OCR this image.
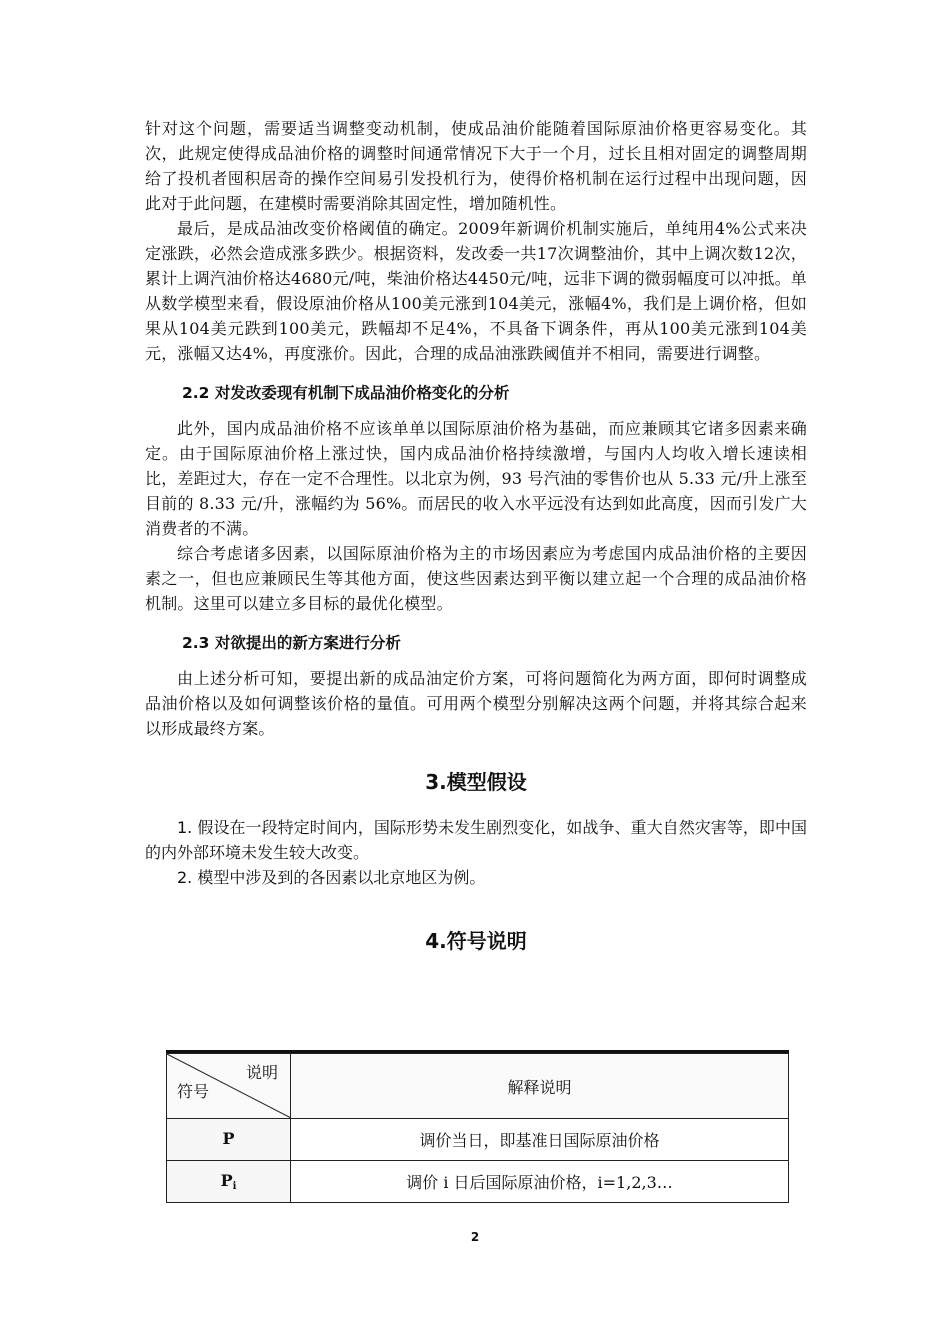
针对这个问题，需要适当调整变动机制，使成品油价能随着国际原油价格更容易变化。其次，此规定使得成品油价格的调整时间通常情况下大于一个月，过长且相对固定的调整周期给了投机者囤积居奇的操作空间易引发投机行为，使得价格机制在运行过程中出现问题，因此对于此问题，在建模时需要消除其固定性，增加随机性。

最后，是成品油改变价格阈值的确定。2009年新调价机制实施后，单纯用4%公式来决定涨跌，必然会造成涨多跌少。根据资料，发改委一共17次调整油价，其中上调次数12次，累计上调汽油价格达4680元/吨，柴油价格达4450元/吨，远非下调的微弱幅度可以冲抵。单从数学模型来看，假设原油价格从100美元涨到104美元，涨幅4%，我们是上调价格，但如果从104美元跌到100美元，跌幅却不足4%，不具备下调条件，再从100美元涨到104美元，涨幅又达4%，再度涨价。因此，合理的成品油涨跌阈值并不相同，需要进行调整。

2.2 对发改委现有机制下成品油价格变化的分析

此外，国内成品油价格不应该单单以国际原油价格为基础，而应兼顾其它诸多因素来确定。由于国际原油价格上涨过快，国内成品油价格持续激增，与国内人均收入增长速读相比，差距过大，存在一定不合理性。以北京为例，93 号汽油的零售价也从 5.33 元/升上涨至目前的 8.33 元/升，涨幅约为 56%。而居民的收入水平远没有达到如此高度，因而引发广大消费者的不满。

综合考虑诸多因素，以国际原油价格为主的市场因素应为考虑国内成品油价格的主要因素之一，但也应兼顾民生等其他方面，使这些因素达到平衡以建立起一个合理的成品油价格机制。这里可以建立多目标的最优化模型。

2.3 对欲提出的新方案进行分析

由上述分析可知，要提出新的成品油定价方案，可将问题简化为两方面，即何时调整成品油价格以及如何调整该价格的量值。可用两个模型分别解决这两个问题，并将其综合起来以形成最终方案。

3.模型假设

1. 假设在一段特定时间内，国际形势未发生剧烈变化，如战争、重大自然灾害等，即中国的内外部环境未发生较大改变。

2. 模型中涉及到的各因素以北京地区为例。

4.符号说明
说明
符号	解释说明
P	调价当日，即基准日国际原油价格
$P_i$	调价 i 日后国际原油价格，i=1,2,3…
2
